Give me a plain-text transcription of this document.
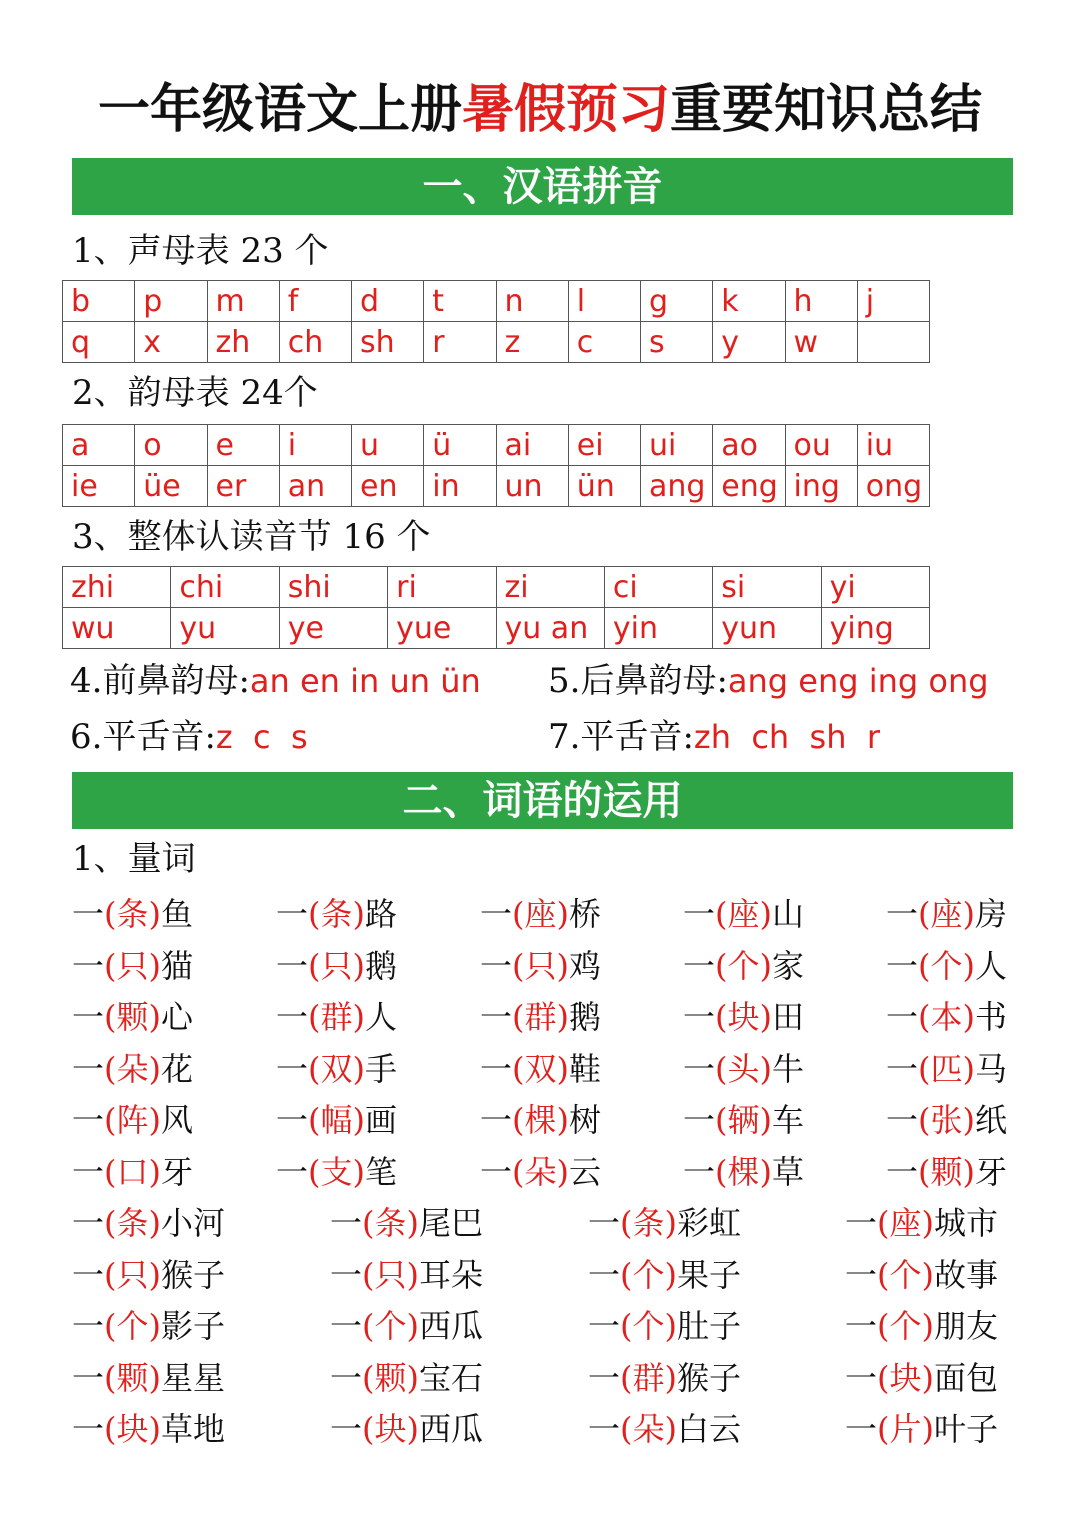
一年级语文上册暑假预习重要知识总结
一、汉语拼音
1、声母表 23 个
b	p	m	f	d	t	n	l	g	k	h	j
q	x	zh	ch	sh	r	z	c	s	y	w	
2、韵母表 24个
a	o	e	i	u	ü	ai	ei	ui	ao	ou	iu
ie	üe	er	an	en	in	un	ün	ang	eng	ing	ong
3、整体认读音节 16 个
zhi	chi	shi	ri	zi	ci	si	yi
wu	yu	ye	yue	yu an	yin	yun	ying
4.前鼻韵母:an en in un ün 5.后鼻韵母:ang eng ing ong
6.平舌音:z  c  s	7.平舌音:zh  ch  sh  r
二、词语的运用
1、量词
一(条)鱼	一(条)路	一(座)桥	一(座)山	一(座)房
一(只)猫	一(只)鹅	一(只)鸡	一(个)家	一(个)人
一(颗)心	一(群)人	一(群)鹅	一(块)田	一(本)书
一(朵)花	一(双)手	一(双)鞋	一(头)牛	一(匹)马
一(阵)风	一(幅)画	一(棵)树	一(辆)车	一(张)纸
一(口)牙	一(支)笔	一(朵)云	一(棵)草	一(颗)牙
一(条)小河	一(条)尾巴	一(条)彩虹	一(座)城市
一(只)猴子	一(只)耳朵	一(个)果子	一(个)故事
一(个)影子	一(个)西瓜	一(个)肚子	一(个)朋友
一(颗)星星	一(颗)宝石	一(群)猴子	一(块)面包
一(块)草地	一(块)西瓜	一(朵)白云	一(片)叶子
